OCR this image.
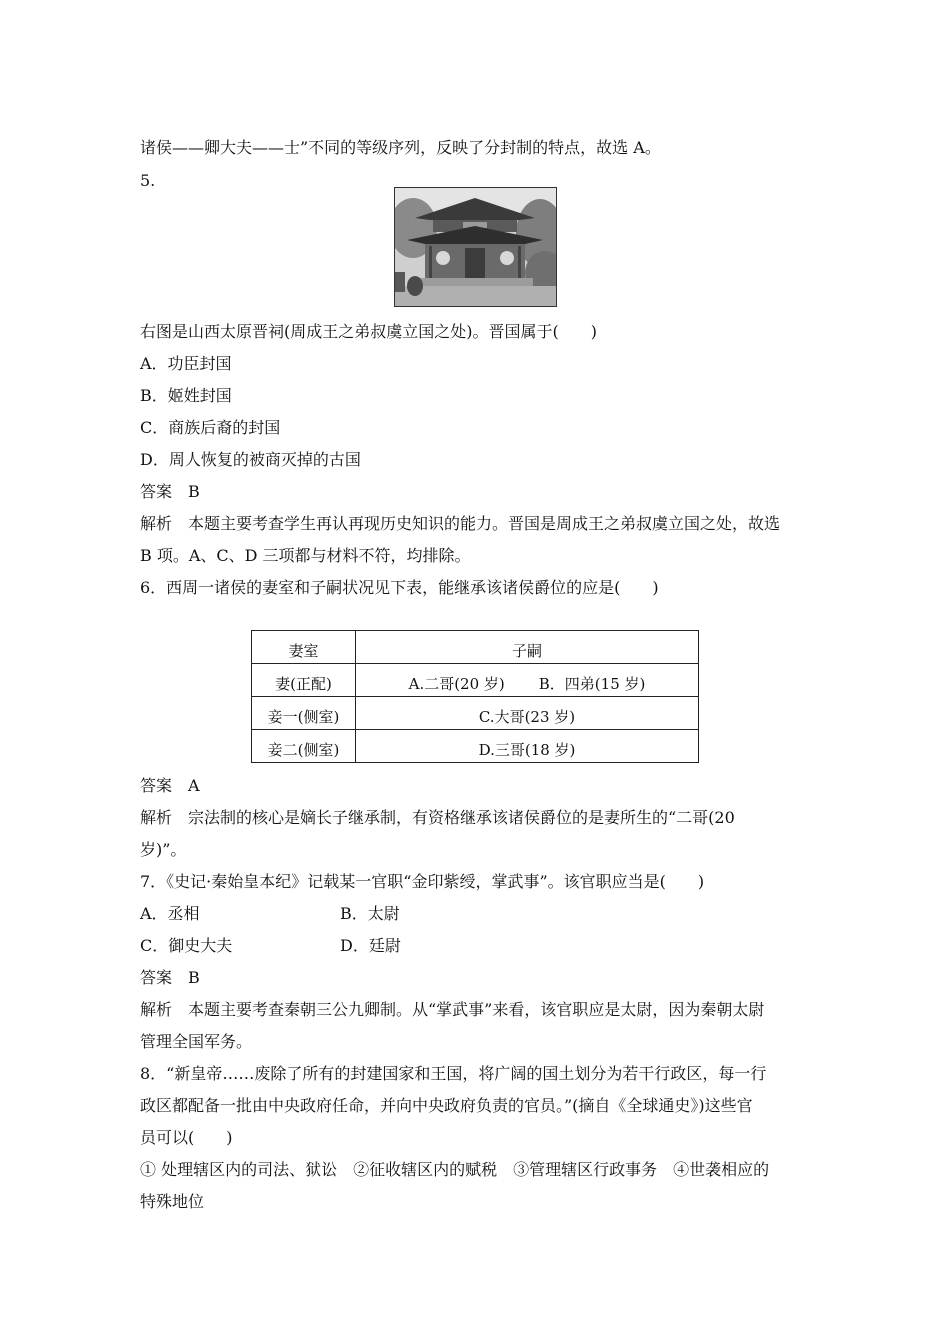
诸侯——卿大夫——士”不同的等级序列，反映了分封制的特点，故选 A。
5.
右图是山西太原晋祠(周成王之弟叔虞立国之处)。晋国属于(　　)
A．功臣封国
B．姬姓封国
C．商族后裔的封国
D．周人恢复的被商灭掉的古国
答案　B
解析　本题主要考查学生再认再现历史知识的能力。晋国是周成王之弟叔虞立国之处，故选
B 项。A、C、D 三项都与材料不符，均排除。
6．西周一诸侯的妻室和子嗣状况见下表，能继承该诸侯爵位的应是(　　)
妻室	子嗣
妻(正配)	A.二哥(20 岁) B．四弟(15 岁)
妾一(侧室)	C.大哥(23 岁)
妾二(侧室)	D.三哥(18 岁)
答案　A
解析　宗法制的核心是嫡长子继承制，有资格继承该诸侯爵位的是妻所生的“二哥(20
岁)”。
7．《史记·秦始皇本纪》记载某一官职“金印紫绶，掌武事”。该官职应当是(　　)
A．丞相	B．太尉
C．御史大夫	D．廷尉
答案　B
解析　本题主要考查秦朝三公九卿制。从“掌武事”来看，该官职应是太尉，因为秦朝太尉
管理全国军务。
8．“新皇帝……废除了所有的封建国家和王国，将广阔的国土划分为若干行政区，每一行
政区都配备一批由中央政府任命，并向中央政府负责的官员。”(摘自《全球通史》)这些官
员可以(　　)
① 处理辖区内的司法、狱讼　②征收辖区内的赋税　③管理辖区行政事务　④世袭相应的
特殊地位
